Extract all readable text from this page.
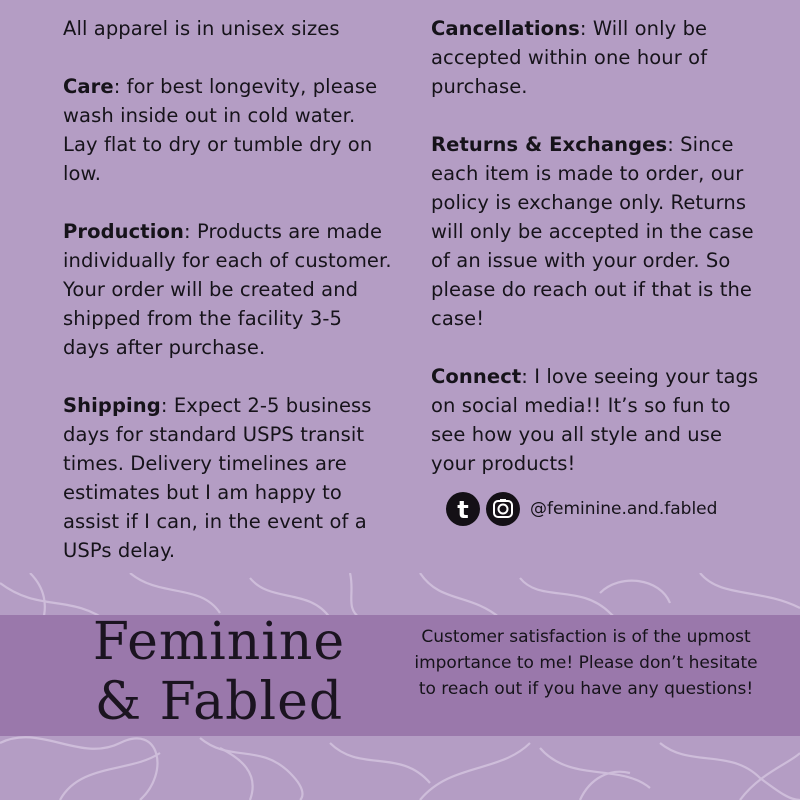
All apparel is in unisex sizes

Care: for best longevity, please wash inside out in cold water. Lay flat to dry or tumble dry on low.

Production: Products are made individually for each of customer. Your order will be created and shipped from the facility 3-5 days after purchase.

Shipping: Expect 2-5 business days for standard USPS transit times. Delivery timelines are estimates but I am happy to assist if I can, in the event of a USPs delay.

Cancellations: Will only be accepted within one hour of purchase.

Returns & Exchanges: Since each item is made to order, our policy is exchange only. Returns will only be accepted in the case of an issue with your order. So please do reach out if that is the case!

Connect: I love seeing your tags on social media!! It’s so fun to see how you all style and use your products!

t	@feminine.and.fabled
Feminine
& Fabled
Customer satisfaction is of the upmost importance to me! Please don’t hesitate to reach out if you have any questions!
